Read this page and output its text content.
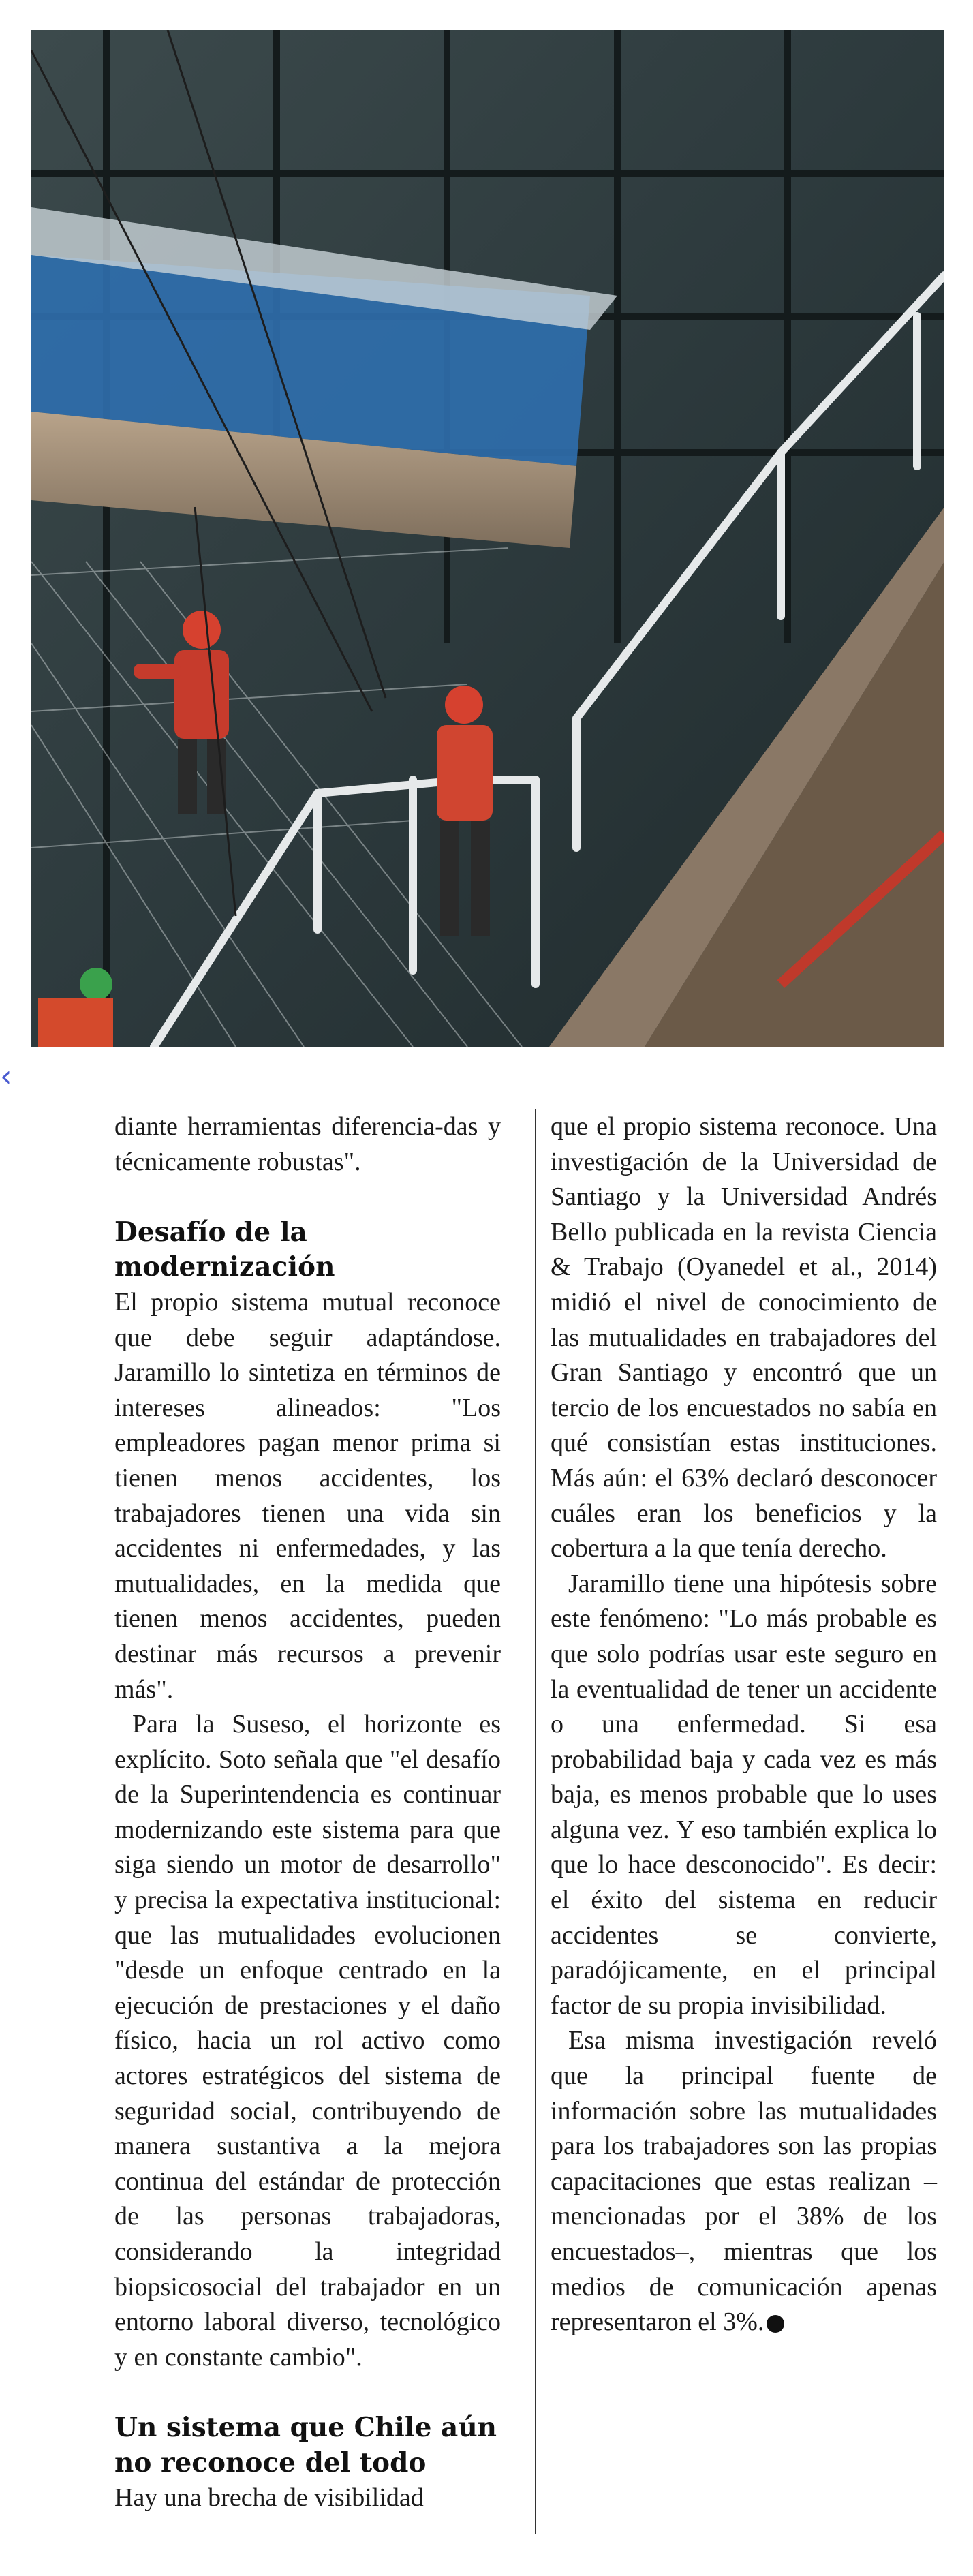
‹

diante herramientas diferencia-das y técnicamente robustas".

Desafío de la modernización

El propio sistema mutual reconoce que debe seguir adaptándose. Jaramillo lo sintetiza en términos de intereses alineados: "Los empleadores pagan menor prima si tienen menos accidentes, los trabajadores tienen una vida sin accidentes ni enfermedades, y las mutualidades, en la medida que tienen menos accidentes, pueden destinar más recursos a prevenir más".

Para la Suseso, el horizonte es explícito. Soto señala que "el desafío de la Superintendencia es continuar modernizando este sistema para que siga siendo un motor de desarrollo" y precisa la expectativa institucional: que las mutualidades evolucionen "desde un enfoque centrado en la ejecución de prestaciones y el daño físico, hacia un rol activo como actores estratégicos del sistema de seguridad social, contribuyendo de manera sustantiva a la mejora continua del estándar de protección de las personas trabajadoras, considerando la integridad biopsicosocial del trabajador en un entorno laboral diverso, tecnológico y en constante cambio".

Un sistema que Chile aún no reconoce del todo

Hay una brecha de visibilidad

que el propio sistema reconoce. Una investigación de la Universidad de Santiago y la Universidad Andrés Bello publicada en la revista Ciencia & Trabajo (Oyanedel et al., 2014) midió el nivel de conocimiento de las mutualidades en trabajadores del Gran Santiago y encontró que un tercio de los encuestados no sabía en qué consistían estas instituciones. Más aún: el 63% declaró desconocer cuáles eran los beneficios y la cobertura a la que tenía derecho.

Jaramillo tiene una hipótesis sobre este fenómeno: "Lo más probable es que solo podrías usar este seguro en la eventualidad de tener un accidente o una enfermedad. Si esa probabilidad baja y cada vez es más baja, es menos probable que lo uses alguna vez. Y eso también explica lo que lo hace desconocido". Es decir: el éxito del sistema en reducir accidentes se convierte, paradójicamente, en el principal factor de su propia invisibilidad.

Esa misma investigación reveló que la principal fuente de información sobre las mutualidades para los trabajadores son las propias capacitaciones que estas realizan –mencionadas por el 38% de los encuestados–, mientras que los medios de comunicación apenas representaron el 3%. P
